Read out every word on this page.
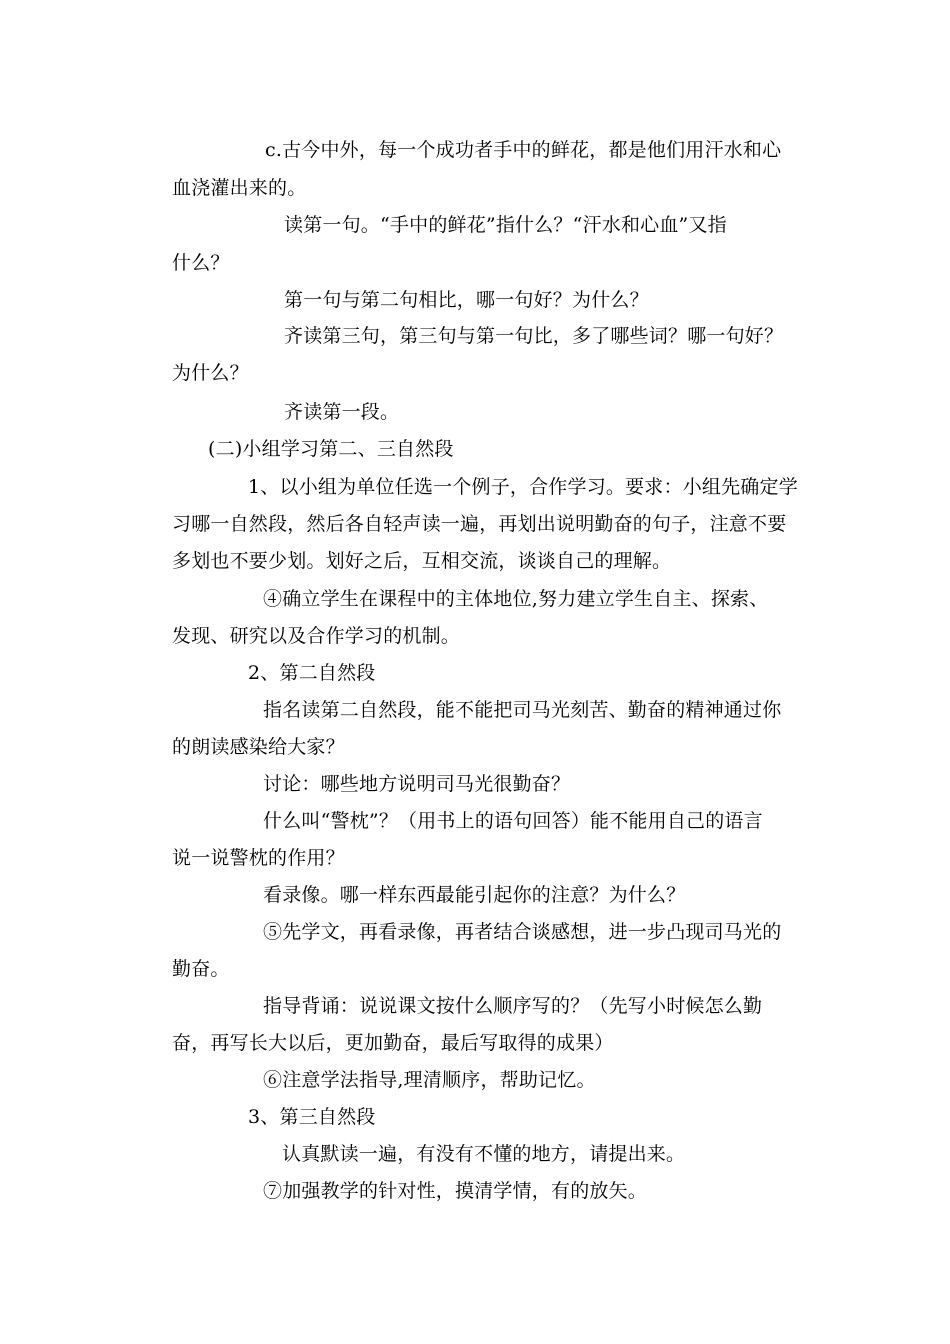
c.古今中外，每一个成功者手中的鲜花，都是他们用汗水和心
血浇灌出来的。
读第一句。“手中的鲜花”指什么？“汗水和心血”又指
什么？
第一句与第二句相比，哪一句好？为什么？
齐读第三句，第三句与第一句比，多了哪些词？哪一句好？
为什么？
齐读第一段。
(二)小组学习第二、三自然段
1、以小组为单位任选一个例子，合作学习。要求：小组先确定学
习哪一自然段，然后各自轻声读一遍，再划出说明勤奋的句子，注意不要
多划也不要少划。划好之后，互相交流，谈谈自己的理解。
④确立学生在课程中的主体地位,努力建立学生自主、探索、
发现、研究以及合作学习的机制。
2、第二自然段
指名读第二自然段，能不能把司马光刻苦、勤奋的精神通过你
的朗读感染给大家？
讨论：哪些地方说明司马光很勤奋？
什么叫“警枕”？（用书上的语句回答）能不能用自己的语言
说一说警枕的作用？
看录像。哪一样东西最能引起你的注意？为什么？
⑤先学文，再看录像，再者结合谈感想，进一步凸现司马光的
勤奋。
指导背诵：说说课文按什么顺序写的？（先写小时候怎么勤
奋，再写长大以后，更加勤奋，最后写取得的成果）
⑥注意学法指导,理清顺序，帮助记忆。
3、第三自然段
认真默读一遍，有没有不懂的地方，请提出来。
⑦加强教学的针对性，摸清学情，有的放矢。
